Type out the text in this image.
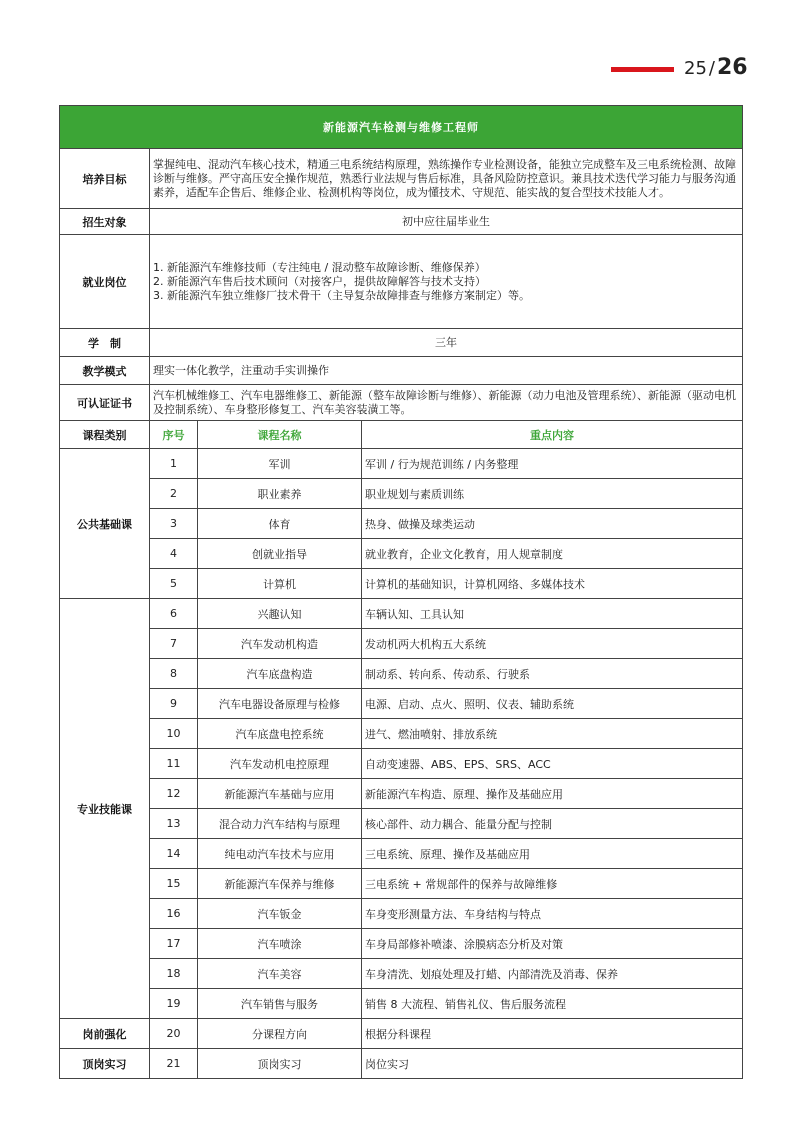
25 /26
新能源汽车检测与维修工程师			
培养目标	掌握纯电、混动汽车核心技术，精通三电系统结构原理，熟练操作专业检测设备，能独立完成整车及三电系统检测、故障诊断与维修。严守高压安全操作规范，熟悉行业法规与售后标准，具备风险防控意识。兼具技术迭代学习能力与服务沟通素养，适配车企售后、维修企业、检测机构等岗位，成为懂技术、守规范、能实战的复合型技术技能人才。		
招生对象	初中应往届毕业生		
就业岗位	1. 新能源汽车维修技师（专注纯电 / 混动整车故障诊断、维修保养）
2. 新能源汽车售后技术顾问（对接客户，提供故障解答与技术支持）
3. 新能源汽车独立维修厂技术骨干（主导复杂故障排查与维修方案制定）等。		

学　制	三年		
教学模式	理实一体化教学，注重动手实训操作		
可认证证书	汽车机械维修工、汽车电器维修工、新能源（整车故障诊断与维修）、新能源（动力电池及管理系统）、新能源（驱动电机及控制系统）、车身整形修复工、汽车美容装潢工等。		
课程类别	序号	课程名称	重点内容
公共基础课	1	军训	军训 / 行为规范训练 / 内务整理
	2	职业素养	职业规划与素质训练
	3	体育	热身、做操及球类运动
	4	创就业指导	就业教育，企业文化教育，用人规章制度
	5	计算机	计算机的基础知识，计算机网络、多媒体技术
专业技能课	6	兴趣认知	车辆认知、工具认知
	7	汽车发动机构造	发动机两大机构五大系统
	8	汽车底盘构造	制动系、转向系、传动系、行驶系
	9	汽车电器设备原理与检修	电源、启动、点火、照明、仪表、辅助系统
	10	汽车底盘电控系统	进气、燃油喷射、排放系统
	11	汽车发动机电控原理	自动变速器、ABS、EPS、SRS、ACC
	12	新能源汽车基础与应用	新能源汽车构造、原理、操作及基础应用
	13	混合动力汽车结构与原理	核心部件、动力耦合、能量分配与控制
	14	纯电动汽车技术与应用	三电系统、原理、操作及基础应用
	15	新能源汽车保养与维修	三电系统 + 常规部件的保养与故障维修
	16	汽车钣金	车身变形测量方法、车身结构与特点
	17	汽车喷涂	车身局部修补喷漆、涂膜病态分析及对策
	18	汽车美容	车身清洗、划痕处理及打蜡、内部清洗及消毒、保养
	19	汽车销售与服务	销售 8 大流程、销售礼仪、售后服务流程
岗前强化	20	分课程方向	根据分科课程
顶岗实习	21	顶岗实习	岗位实习
